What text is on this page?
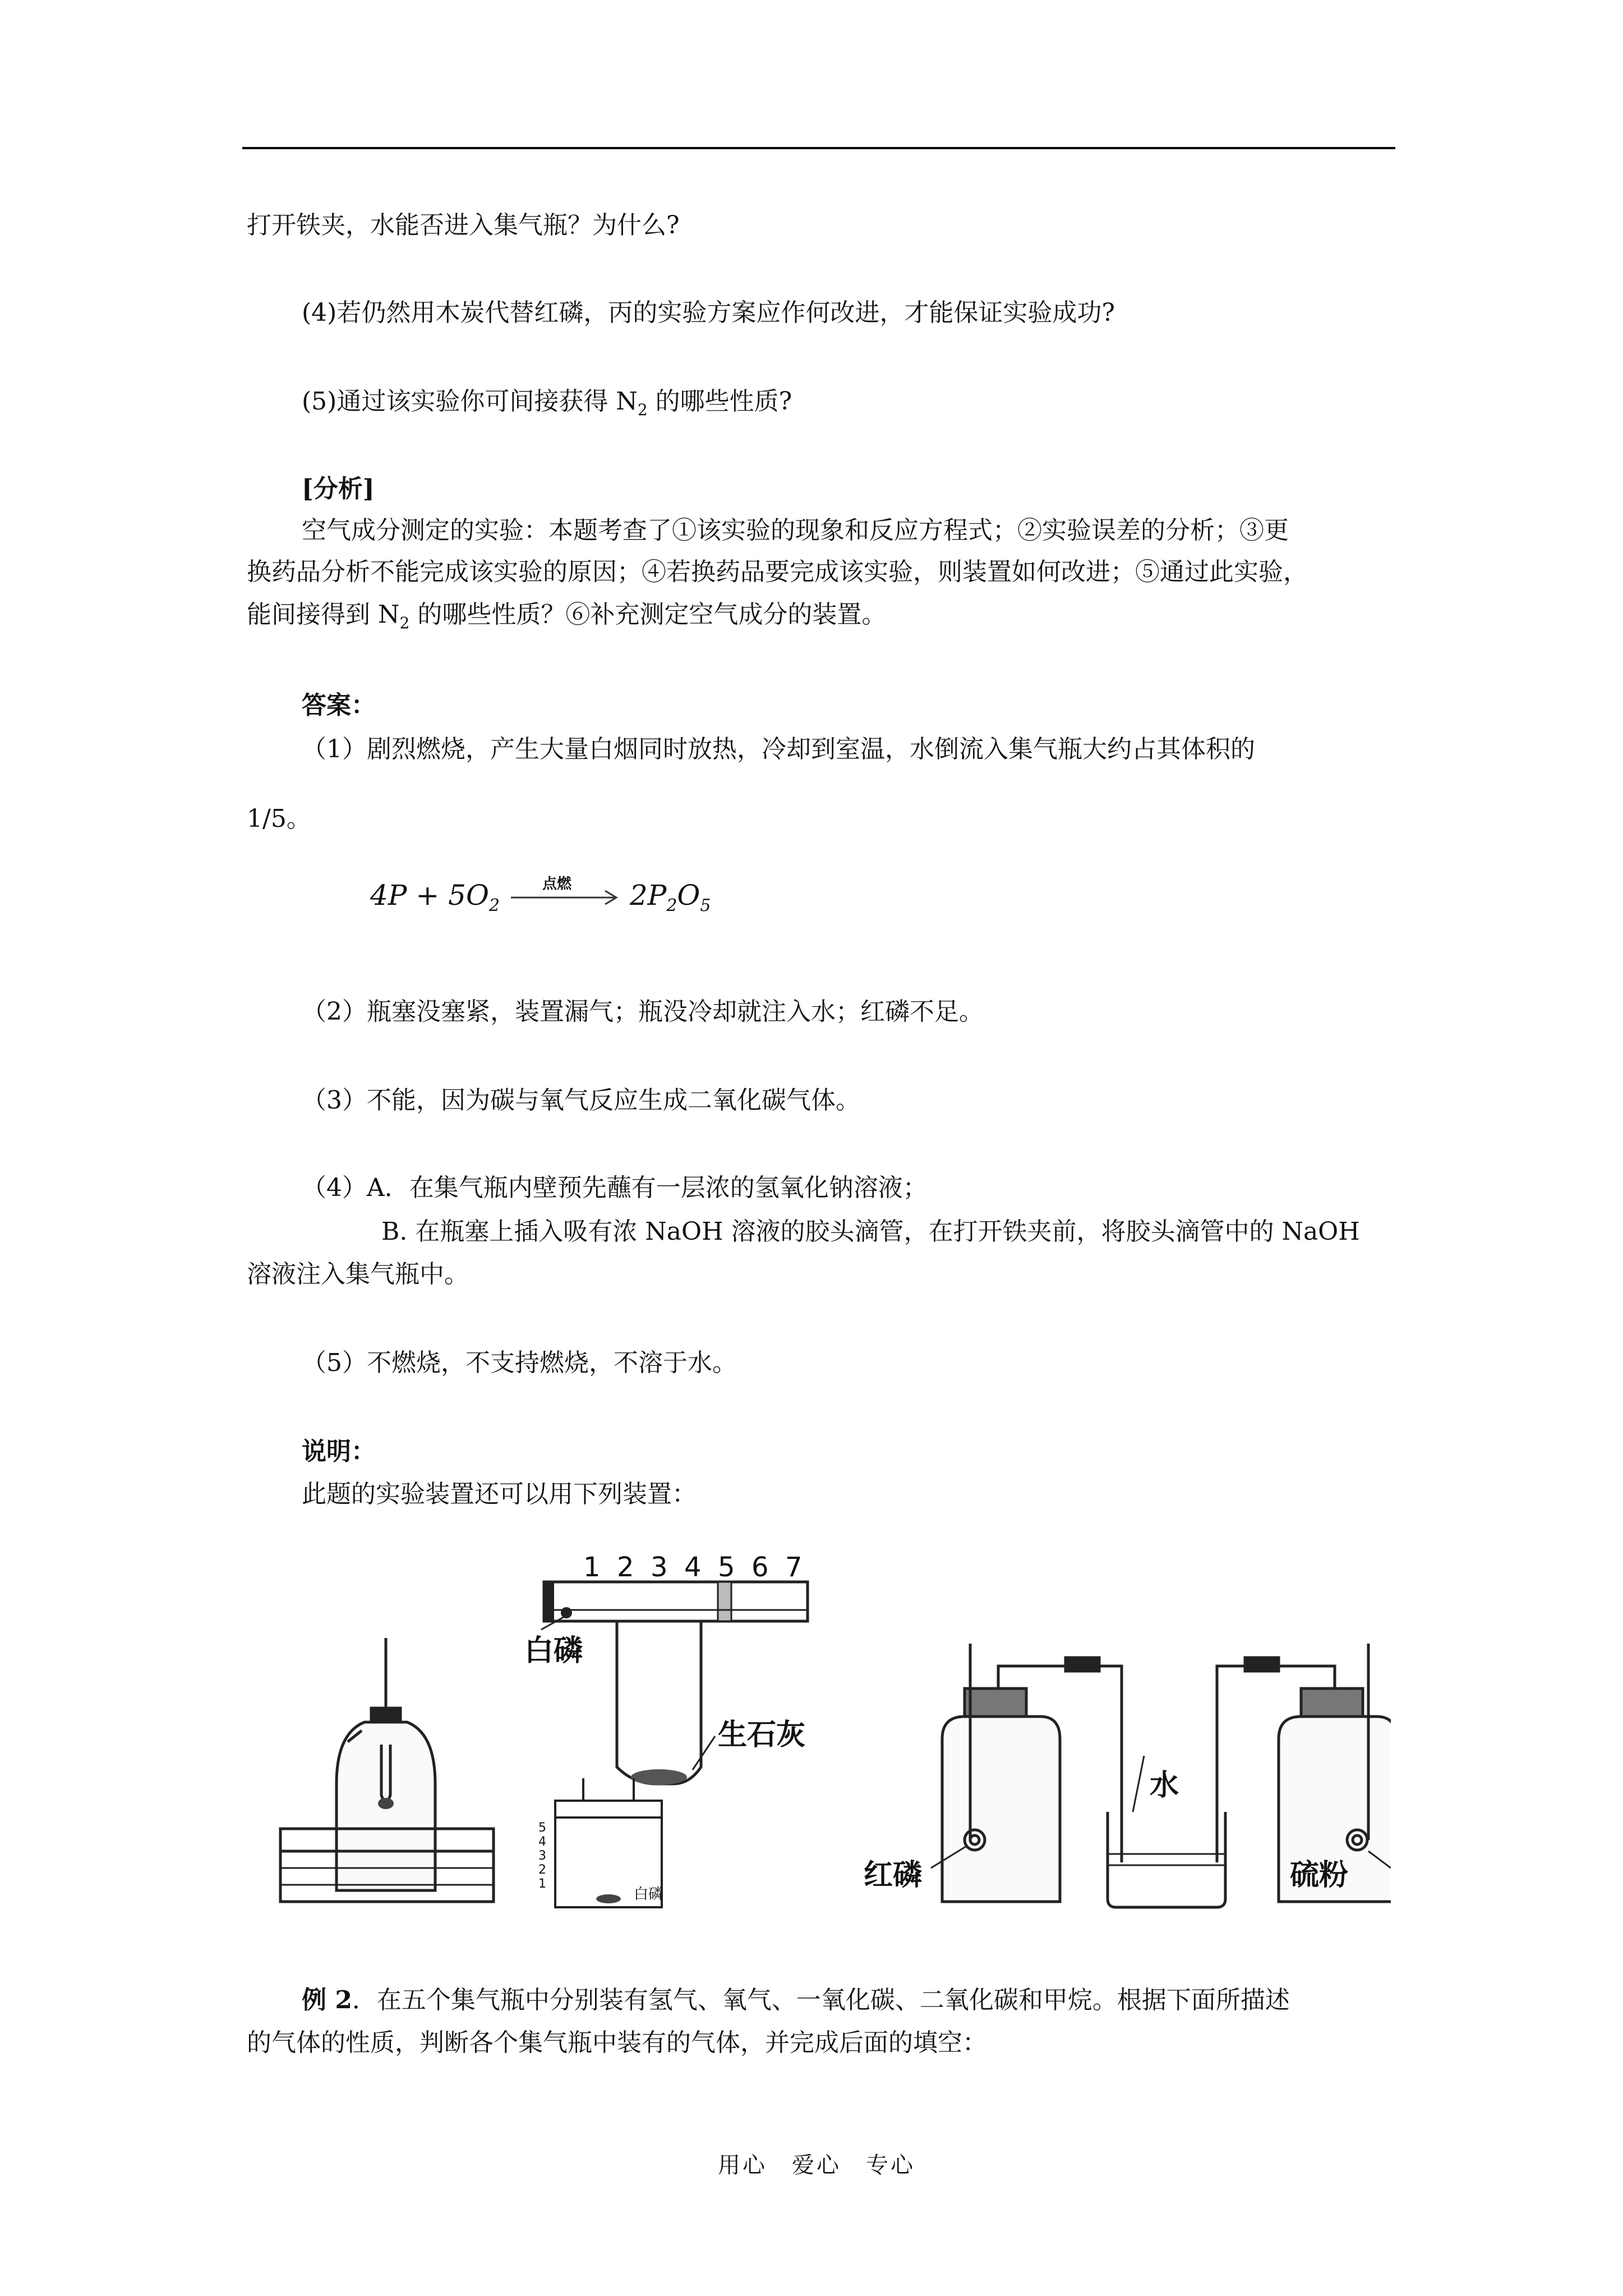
打开铁夹，水能否进入集气瓶？为什么?
(4)若仍然用木炭代替红磷，丙的实验方案应作何改进，才能保证实验成功?
(5)通过该实验你可间接获得 $N_2$ 的哪些性质?
[分析]
空气成分测定的实验：本题考查了①该实验的现象和反应方程式；②实验误差的分析；③更
换药品分析不能完成该实验的原因；④若换药品要完成该实验，则装置如何改进；⑤通过此实验，
能间接得到 $N_2$ 的哪些性质？⑥补充测定空气成分的装置。
答案：
（1）剧烈燃烧，产生大量白烟同时放热，冷却到室温，水倒流入集气瓶大约占其体积的
1/5。
$4P + 5O_2$
点燃 $2P_2O_5$
（2）瓶塞没塞紧，装置漏气；瓶没冷却就注入水；红磷不足。
（3）不能，因为碳与氧气反应生成二氧化碳气体。
（4）A．在集气瓶内壁预先蘸有一层浓的氢氧化钠溶液；
B. 在瓶塞上插入吸有浓 NaOH 溶液的胶头滴管，在打开铁夹前，将胶头滴管中的 NaOH
溶液注入集气瓶中。
（5）不燃烧，不支持燃烧，不溶于水。
说明：
此题的实验装置还可以用下列装置：
1 2 3 4 5 6 7
白磷
生石灰
5
4
3
2
1
白磷
水
红磷	硫粉
例 2．在五个集气瓶中分别装有氢气、氧气、一氧化碳、二氧化碳和甲烷。根据下面所描述
的气体的性质，判断各个集气瓶中装有的气体，并完成后面的填空：
用心　爱心　专心
